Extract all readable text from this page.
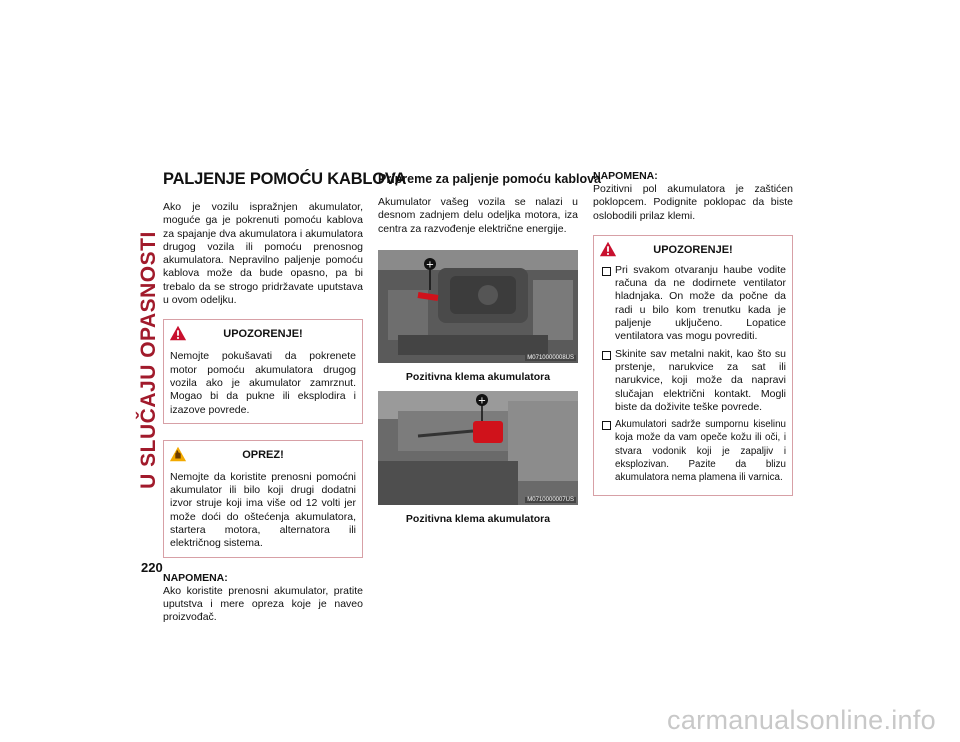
U SLUČAJU OPASNOSTI
220
PALJENJE POMOĆU KABLOVA

Ako je vozilu ispražnjen akumulator, moguće ga je pokrenuti pomoću kablova za spajanje dva akumulatora i akumulatora drugog vozila ili pomoću prenosnog akumulatora. Nepravilno paljenje pomoću kablova može da bude opasno, pa bi trebalo da se strogo pridržavate uputstava u ovom odeljku.

UPOZORENJE!
Nemojte pokušavati da pokrenete motor pomoću akumulatora drugog vozila ako je akumulator zamrznut. Mogao bi da pukne ili eksplodira i izazove povrede.
OPREZ!
Nemojte da koristite prenosni pomoćni akumulator ili bilo koji drugi dodatni izvor struje koji ima više od 12 volti jer može doći do oštećenja akumulatora, startera motora, alternatora ili električnog sistema.
NAPOMENA:

Ako koristite prenosni akumulator, pratite uputstva i mere opreza koje je naveo proizvođač.

Pripreme za paljenje pomoću kablova

Akumulator vašeg vozila se nalazi u desnom zadnjem delu odeljka motora, iza centra za razvođenje električne energije.

+
M0710000008US
Pozitivna klema akumulatora
+
M0710000007US
Pozitivna klema akumulatora
NAPOMENA:

Pozitivni pol akumulatora je zaštićen poklopcem. Podignite poklopac da biste oslobodili prilaz klemi.

UPOZORENJE!
Pri svakom otvaranju haube vodite računa da ne dodirnete ventilator hladnjaka. On može da počne da radi u bilo kom trenutku kada je paljenje uključeno. Lopatice ventilatora vas mogu povrediti.
Skinite sav metalni nakit, kao što su prstenje, narukvice za sat ili narukvice, koji može da napravi slučajan električni kontakt. Mogli biste da doživite teške povrede.
Akumulatori sadrže sumpornu kiselinu koja može da vam opeče kožu ili oči, i stvara vodonik koji je zapaljiv i eksplozivan. Pazite da blizu akumulatora nema plamena ili varnica.
carmanualsonline.info
